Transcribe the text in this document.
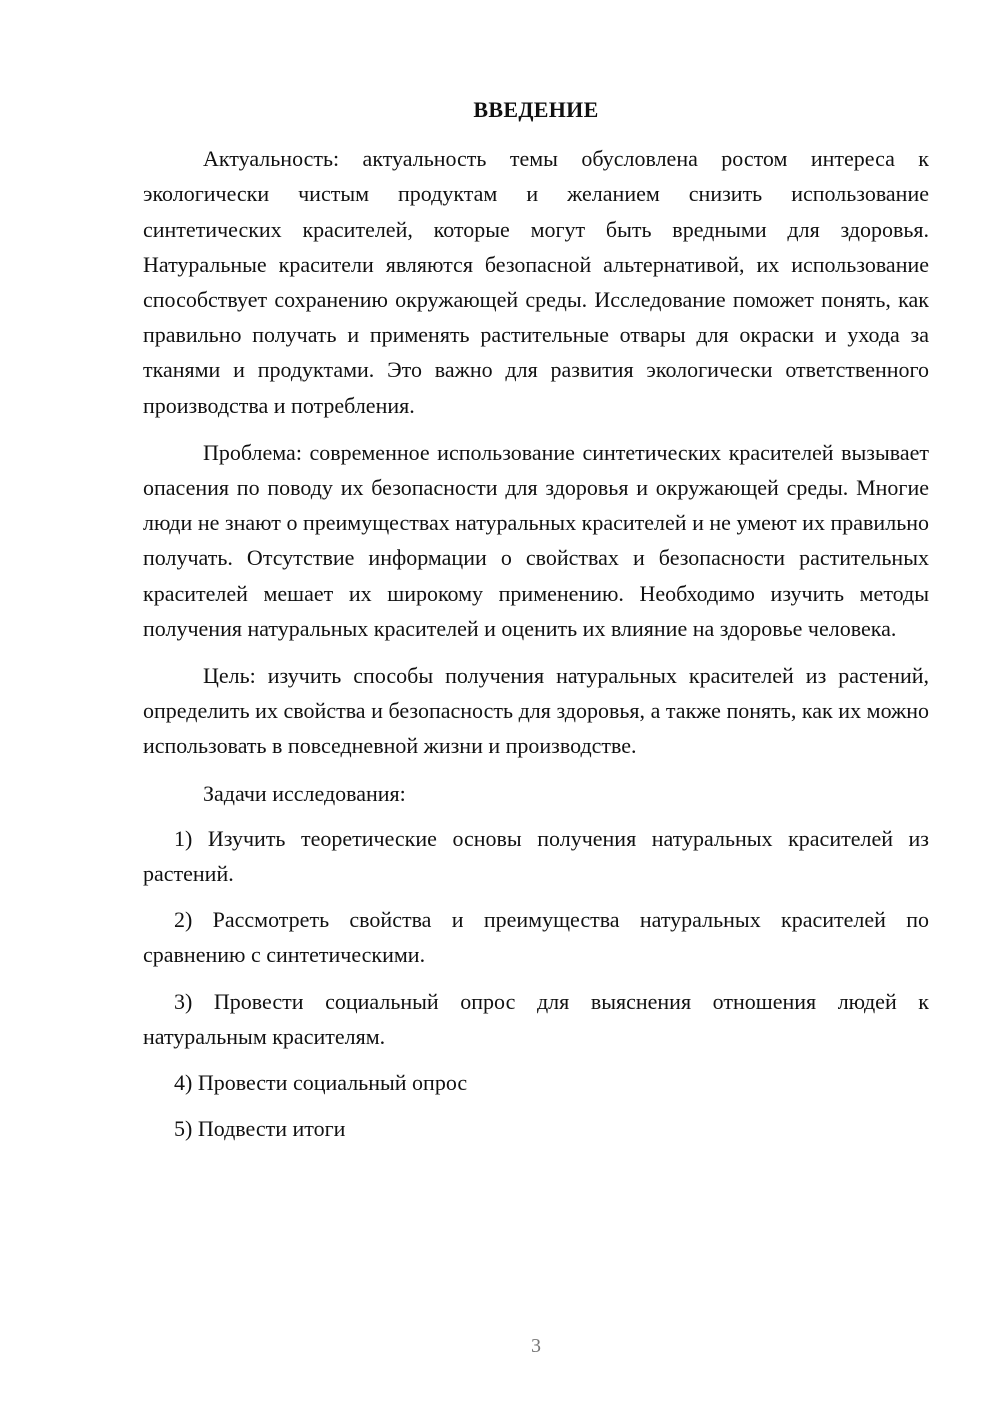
ВВЕДЕНИЕ

Актуальность: актуальность темы обусловлена ростом интереса к экологически чистым продуктам и желанием снизить использование синтетических красителей, которые могут быть вредными для здоровья. Натуральные красители являются безопасной альтернативой, их использование способствует сохранению окружающей среды. Исследование поможет понять, как правильно получать и применять растительные отвары для окраски и ухода за тканями и продуктами. Это важно для развития экологически ответственного производства и потребления.

Проблема: современное использование синтетических красителей вызывает опасения по поводу их безопасности для здоровья и окружающей среды. Многие люди не знают о преимуществах натуральных красителей и не умеют их правильно получать. Отсутствие информации о свойствах и безопасности растительных красителей мешает их широкому применению. Необходимо изучить методы получения натуральных красителей и оценить их влияние на здоровье человека.

Цель: изучить способы получения натуральных красителей из растений, определить их свойства и безопасность для здоровья, а также понять, как их можно использовать в повседневной жизни и производстве.

Задачи исследования:

1) Изучить теоретические основы получения натуральных красителей из растений.

2) Рассмотреть свойства и преимущества натуральных красителей по сравнению с синтетическими.

3) Провести социальный опрос для выяснения отношения людей к натуральным красителям.

4) Провести социальный опрос

5) Подвести итоги

3
